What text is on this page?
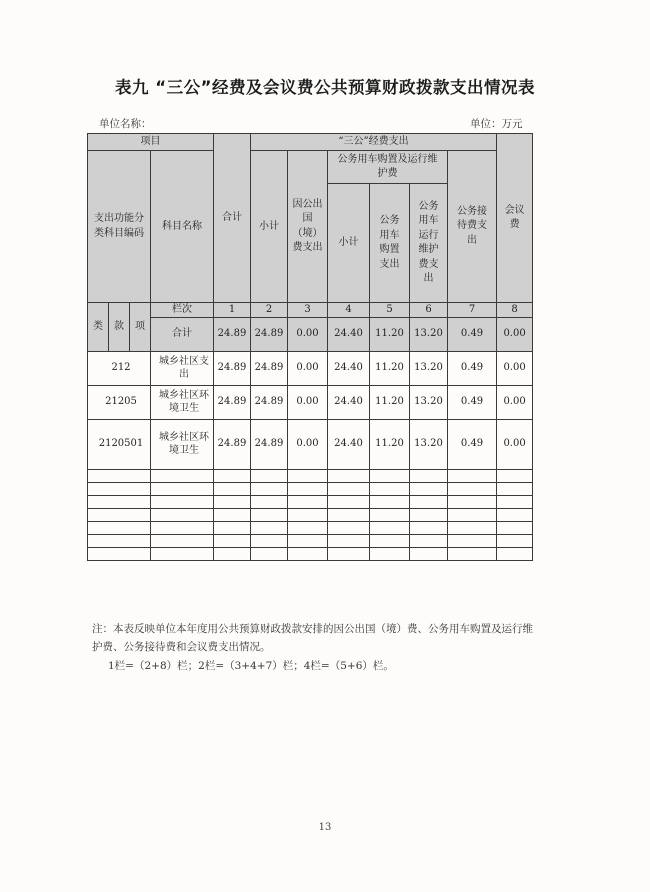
表九 “三公”经费及会议费公共预算财政拨款支出情况表
单位名称：	单位：万元
项目				合计	“三公”经费支出						会议费

支出功能分类科目编码			科目名称		小计	因公出国（境）费支出	公务用车购置及运行维护费			公务接待费支出	

							小计	公务用车购置支出	公务用车运行维护费支出		

类	款	项	栏次	1	2	3	4	5	6	7	8
			合计	24.89	24.89	0.00	24.40	11.20	13.20	0.49	0.00
212			城乡社区支出	24.89	24.89	0.00	24.40	11.20	13.20	0.49	0.00
21205			城乡社区环境卫生	24.89	24.89	0.00	24.40	11.20	13.20	0.49	0.00
2120501			城乡社区环境卫生	24.89	24.89	0.00	24.40	11.20	13.20	0.49	0.00

注：本表反映单位本年度用公共预算财政拨款安排的因公出国（境）费、公务用车购置及运行维护费、公务接待费和会议费支出情况。
1栏=（2+8）栏；2栏=（3+4+7）栏；4栏=（5+6）栏。
13
